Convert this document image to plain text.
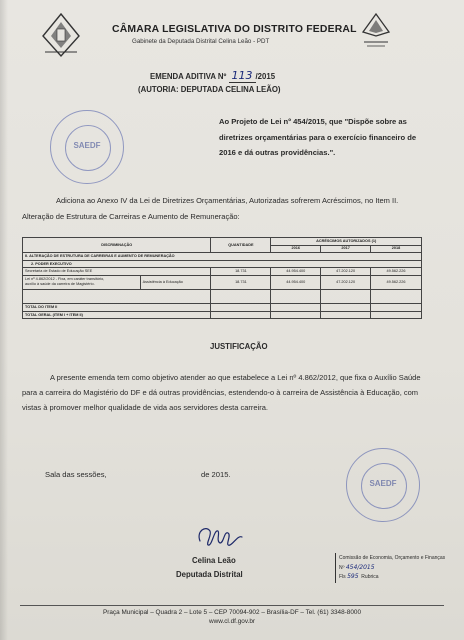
CÂMARA LEGISLATIVA DO DISTRITO FEDERAL
Gabinete da Deputada Distrital Celina Leão - PDT
EMENDA ADITIVA Nº 113 /2015
(AUTORIA: DEPUTADA CELINA LEÃO)
SAEDF
Ao Projeto de Lei nº 454/2015, que "Dispõe sobre as diretrizes orçamentárias para o exercício financeiro de 2016 e dá outras providências.".
Adiciona ao Anexo IV da Lei de Diretrizes Orçamentárias, Autorizadas sofrerem Acréscimos, no Item II. Alteração de Estrutura de Carreiras e Aumento de Remuneração:
DISCRIMINAÇÃO		QUANTIDADE	ACRÉSCIMOS AUTORIZADOS (1)		
			2016	2017	2018
II. ALTERAÇÃO DE ESTRUTURA DE CARREIRAS E AUMENTO DE REMUNERAÇÃO					
2. PODER EXECUTIVO					
Secretaria de Estado de Educação SEE		18.731	44.954.400	47.202.120	49.562.226
Lei nº 4.862/2012 - Fixa, em caráter transitório,
auxílio à saúde da carreira de Magistério.	Assistência à Educação	18.731	44.954.400	47.202.120	49.562.226

TOTAL DO ITEM II					
TOTAL GERAL (ITEM I + ITEM II)					
JUSTIFICAÇÃO
A presente emenda tem como objetivo atender ao que estabelece a Lei nº 4.862/2012, que fixa o Auxílio Saúde para a carreira do Magistério do DF e dá outras providências, estendendo-o à carreira de Assistência à Educação, com vistas à promover melhor qualidade de vida aos servidores desta carreira.
Sala das sessões,	de 2015.
SAEDF
Celina Leão
Deputada Distrital
Comissão de Economia, Orçamento e Finanças
Nº 454/2015
Fls 595 Rubrica
Praça Municipal – Quadra 2 – Lote 5 – CEP 70094-902 – Brasília-DF – Tel. (61) 3348-8000
www.cl.df.gov.br
